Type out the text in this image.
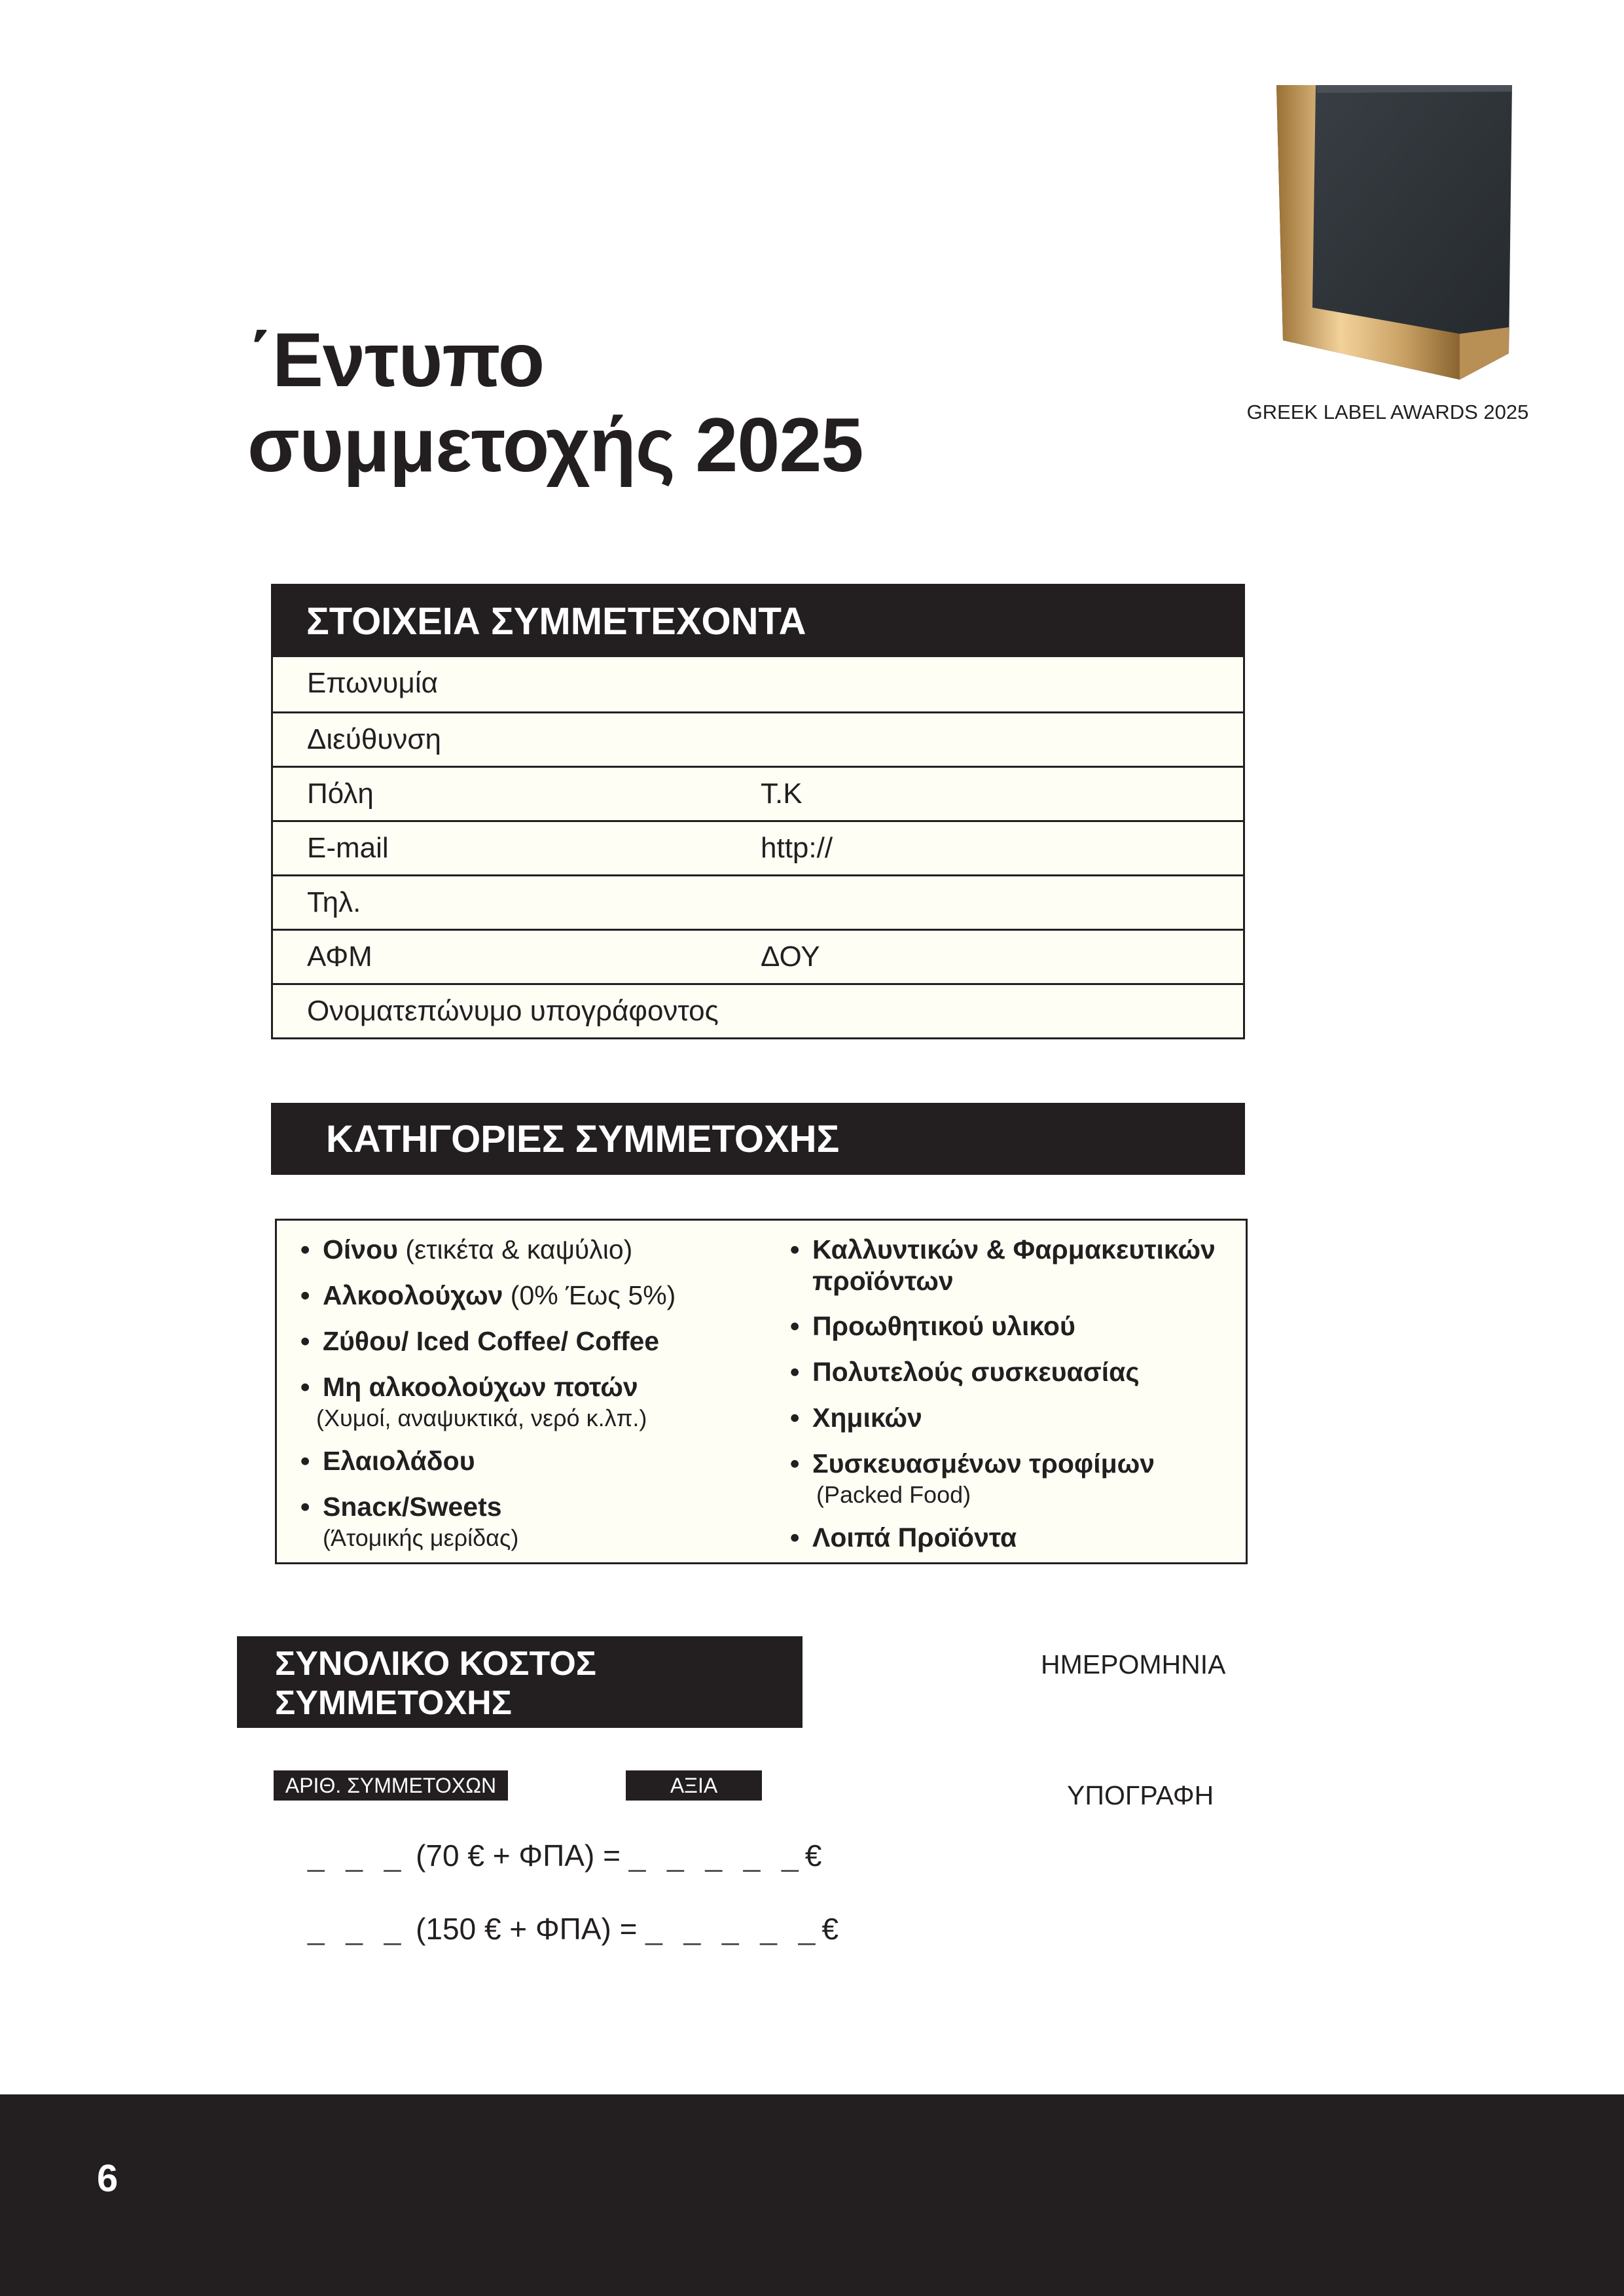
GREEK LABEL AWARDS 2025
΄Εντυπο
συμμετοχής 2025
ΣΤΟΙΧΕΙΑ ΣΥΜΜΕΤΕΧΟΝΤΑ
Επωνυμία
Διεύθυνση
Πόλη	Τ.Κ
E-mail	http://
Τηλ.
ΑΦΜ	ΔΟΥ
Ονοματεπώνυμο υπογράφοντος
ΚΑΤΗΓΟΡΙΕΣ ΣΥΜΜΕΤΟΧΗΣ
• Οίνου (ετικέτα & καψύλιο)
• Αλκοολούχων (0% Έως 5%)
• Ζύθου/ Iced Coffee/ Coffee
• Μη αλκοολούχων ποτών
(Χυμοί, αναψυκτικά, νερό κ.λπ.)
• Ελαιολάδου
• Snacκ/Sweets
(Άτομικής μερίδας)
• Καλλυντικών & Φαρμακευτικών
προϊόντων
• Προωθητικού υλικού
• Πολυτελούς συσκευασίας
• Χημικών
• Συσκευασμένων τροφίμων
(Packed Food)
• Λοιπά Προϊόντα
ΣΥΝΟΛΙΚΟ ΚΟΣΤΟΣ
ΣΥΜΜΕΤΟΧΗΣ
ΑΡΙΘ. ΣΥΜΜΕΤΟΧΩΝ	ΑΞΙΑ
_ _ _ (70 € + ΦΠΑ) = _ _ _ _ _€
_ _ _ (150 € + ΦΠΑ) = _ _ _ _ _€
ΗΜΕΡΟΜΗΝΙΑ
ΥΠΟΓΡΑΦΗ
6
